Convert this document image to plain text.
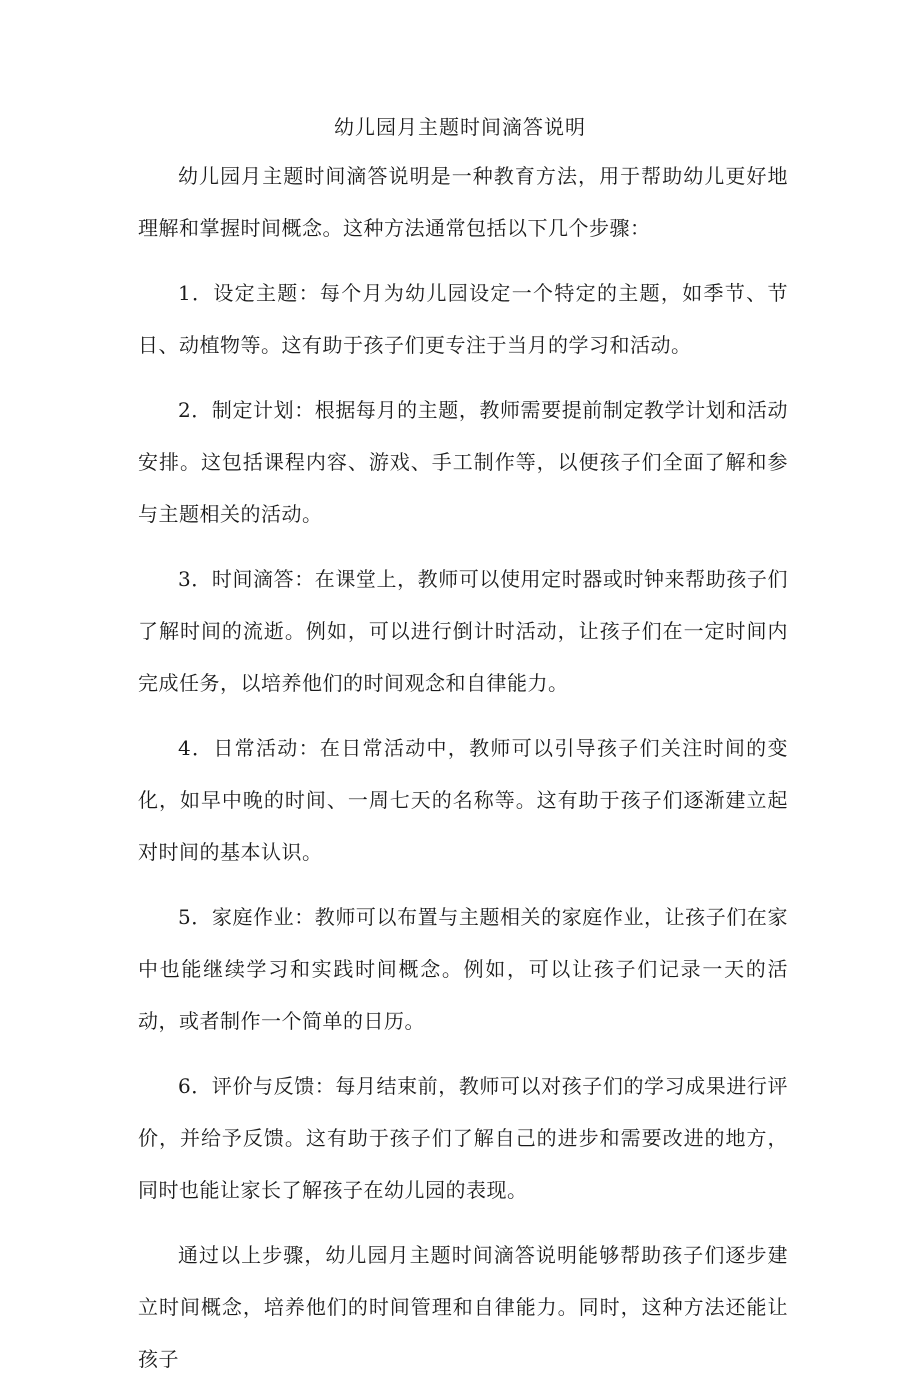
幼儿园月主题时间滴答说明

幼儿园月主题时间滴答说明是一种教育方法，用于帮助幼儿更好地理解和掌握时间概念。这种方法通常包括以下几个步骤：

1．设定主题：每个月为幼儿园设定一个特定的主题，如季节、节日、动植物等。这有助于孩子们更专注于当月的学习和活动。

2．制定计划：根据每月的主题，教师需要提前制定教学计划和活动安排。这包括课程内容、游戏、手工制作等，以便孩子们全面了解和参与主题相关的活动。

3．时间滴答：在课堂上，教师可以使用定时器或时钟来帮助孩子们了解时间的流逝。例如，可以进行倒计时活动，让孩子们在一定时间内完成任务，以培养他们的时间观念和自律能力。

4．日常活动：在日常活动中，教师可以引导孩子们关注时间的变化，如早中晚的时间、一周七天的名称等。这有助于孩子们逐渐建立起对时间的基本认识。

5．家庭作业：教师可以布置与主题相关的家庭作业，让孩子们在家中也能继续学习和实践时间概念。例如，可以让孩子们记录一天的活动，或者制作一个简单的日历。

6．评价与反馈：每月结束前，教师可以对孩子们的学习成果进行评价，并给予反馈。这有助于孩子们了解自己的进步和需要改进的地方，同时也能让家长了解孩子在幼儿园的表现。

通过以上步骤，幼儿园月主题时间滴答说明能够帮助孩子们逐步建立时间概念，培养他们的时间管理和自律能力。同时，这种方法还能让孩子
